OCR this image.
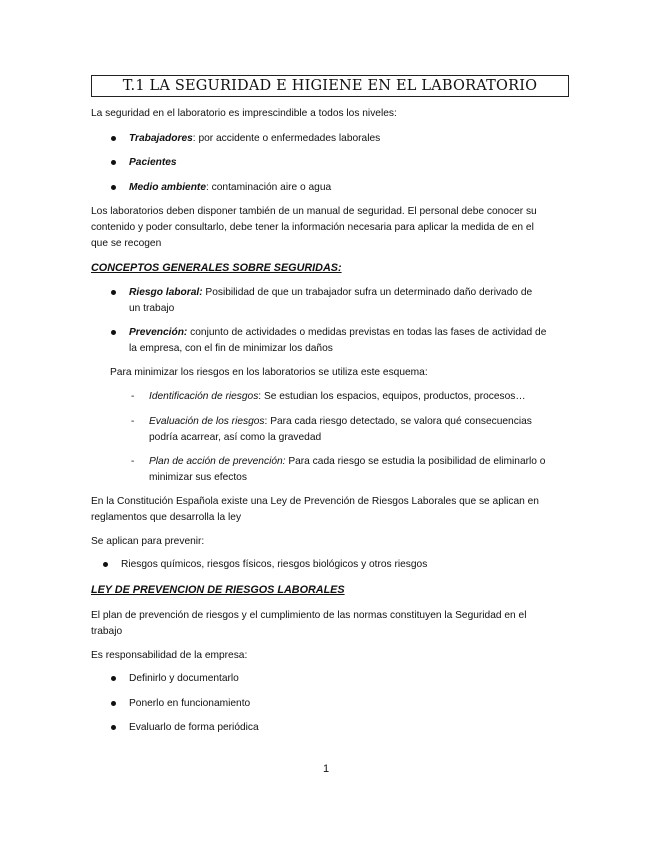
T.1 LA SEGURIDAD E HIGIENE EN EL LABORATORIO
La seguridad en el laboratorio es imprescindible a todos los niveles:
Trabajadores: por accidente o enfermedades laborales
Pacientes
Medio ambiente: contaminación aire o agua
Los laboratorios deben disponer también de un manual de seguridad. El personal debe conocer su
contenido y poder consultarlo, debe tener la información necesaria para aplicar la medida de en el
que se recogen
CONCEPTOS GENERALES SOBRE SEGURIDAS:
Riesgo laboral: Posibilidad de que un trabajador sufra un determinado daño derivado de
un trabajo
Prevención: conjunto de actividades o medidas previstas en todas las fases de actividad de
la empresa, con el fin de minimizar los daños
Para minimizar los riesgos en los laboratorios se utiliza este esquema:
- Identificación de riesgos: Se estudian los espacios, equipos, productos, procesos…
- Evaluación de los riesgos: Para cada riesgo detectado, se valora qué consecuencias
podría acarrear, así como la gravedad
- Plan de acción de prevención: Para cada riesgo se estudia la posibilidad de eliminarlo o
minimizar sus efectos
En la Constitución Española existe una Ley de Prevención de Riesgos Laborales que se aplican en
reglamentos que desarrolla la ley
Se aplican para prevenir:
Riesgos químicos, riesgos físicos, riesgos biológicos y otros riesgos
LEY DE PREVENCION DE RIESGOS LABORALES
El plan de prevención de riesgos y el cumplimiento de las normas constituyen la Seguridad en el
trabajo
Es responsabilidad de la empresa:
Definirlo y documentarlo
Ponerlo en funcionamiento
Evaluarlo de forma periódica
1
